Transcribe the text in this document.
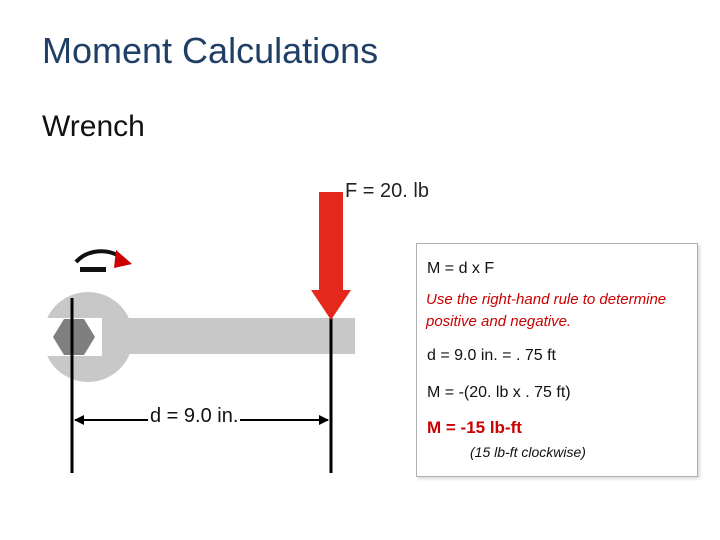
Moment Calculations
Wrench
F = 20. lb
d = 9.0 in.
M = d x F
Use the right-hand rule to determine positive and negative.
d = 9.0 in. = . 75 ft
M = -(20. lb x . 75 ft)
M = -15 lb-ft
(15 lb-ft clockwise)
